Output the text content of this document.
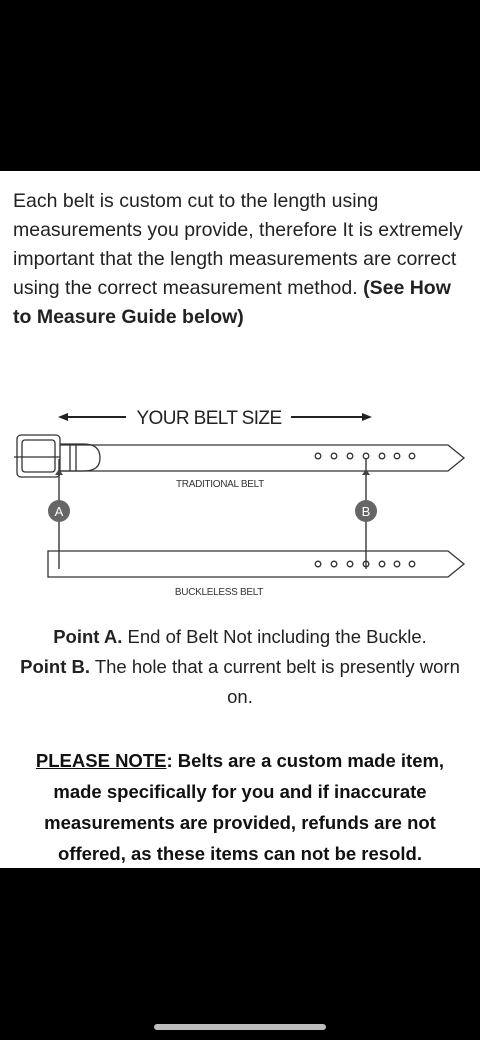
Each belt is custom cut to the length using measurements you provide, therefore It is extremely important that the length measurements are correct using the correct measurement method. (See How to Measure Guide below)

YOUR BELT SIZE
TRADITIONAL BELT
A	B
BUCKLELESS BELT

Point A. End of Belt Not including the Buckle.

Point B. The hole that a current belt is presently worn on.

PLEASE NOTE: Belts are a custom made item, made specifically for you and if inaccurate measurements are provided, refunds are not offered, as these items can not be resold.
